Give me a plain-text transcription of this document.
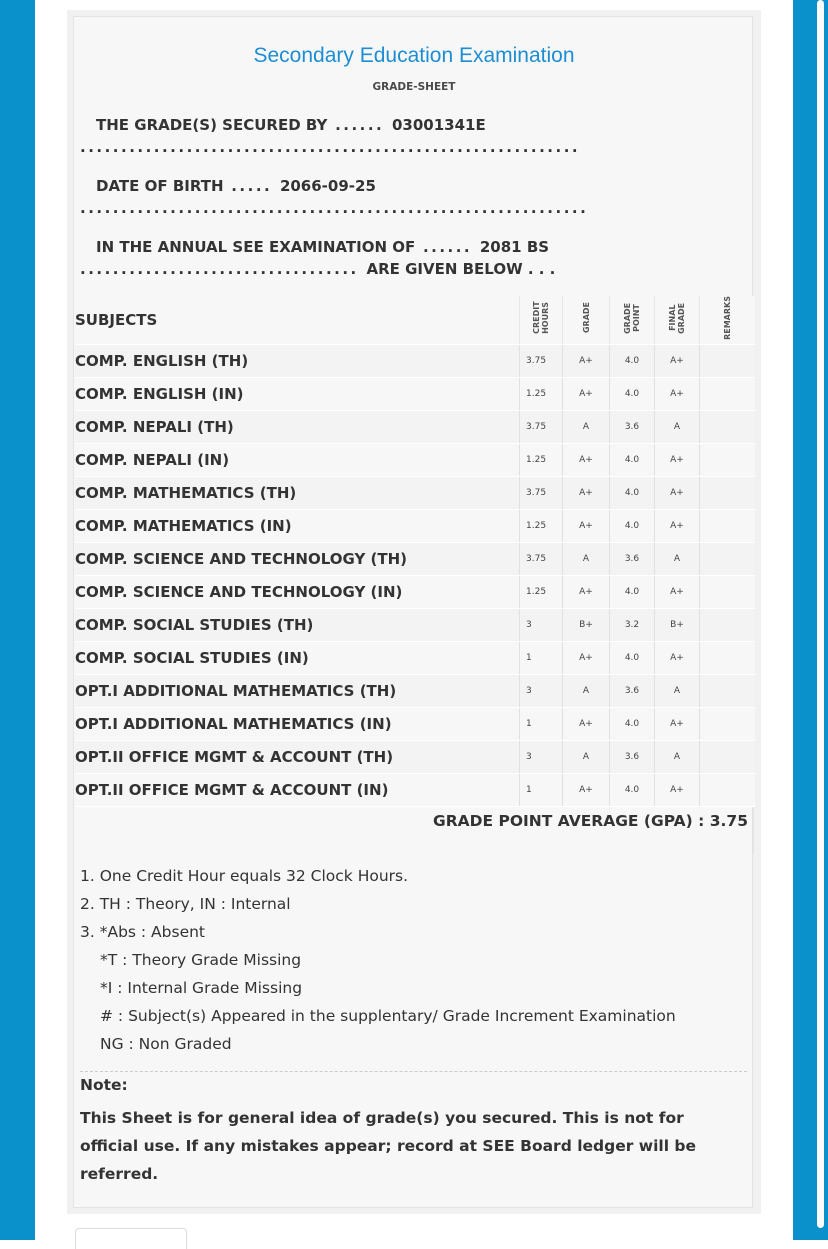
Secondary Education Examination
GRADE-SHEET
THE GRADE(S) SECURED BY ...... 03001341E .............................................................
DATE OF BIRTH ..... 2066-09-25 ..............................................................
IN THE ANNUAL SEE EXAMINATION OF ...... 2081 BS .................................. ARE GIVEN BELOW . . .
SUBJECTS	CREDIT HOURS	GRADE	GRADE POINT	FINAL GRADE	REMARKS
COMP. ENGLISH (TH)	3.75	A+	4.0	A+	
COMP. ENGLISH (IN)	1.25	A+	4.0	A+	
COMP. NEPALI (TH)	3.75	A	3.6	A	
COMP. NEPALI (IN)	1.25	A+	4.0	A+	
COMP. MATHEMATICS (TH)	3.75	A+	4.0	A+	
COMP. MATHEMATICS (IN)	1.25	A+	4.0	A+	
COMP. SCIENCE AND TECHNOLOGY (TH)	3.75	A	3.6	A	
COMP. SCIENCE AND TECHNOLOGY (IN)	1.25	A+	4.0	A+	
COMP. SOCIAL STUDIES (TH)	3	B+	3.2	B+	
COMP. SOCIAL STUDIES (IN)	1	A+	4.0	A+	
OPT.I ADDITIONAL MATHEMATICS (TH)	3	A	3.6	A	
OPT.I ADDITIONAL MATHEMATICS (IN)	1	A+	4.0	A+	
OPT.II OFFICE MGMT & ACCOUNT (TH)	3	A	3.6	A	
OPT.II OFFICE MGMT & ACCOUNT (IN)	1	A+	4.0	A+	
GRADE POINT AVERAGE (GPA) : 3.75
1. One Credit Hour equals 32 Clock Hours.
2. TH : Theory, IN : Internal
3. *Abs : Absent
*T : Theory Grade Missing
*I : Internal Grade Missing
# : Subject(s) Appeared in the supplentary/ Grade Increment Examination
NG : Non Graded
Note:
This Sheet is for general idea of grade(s) you secured. This is not for official use. If any mistakes appear; record at SEE Board ledger will be referred.
